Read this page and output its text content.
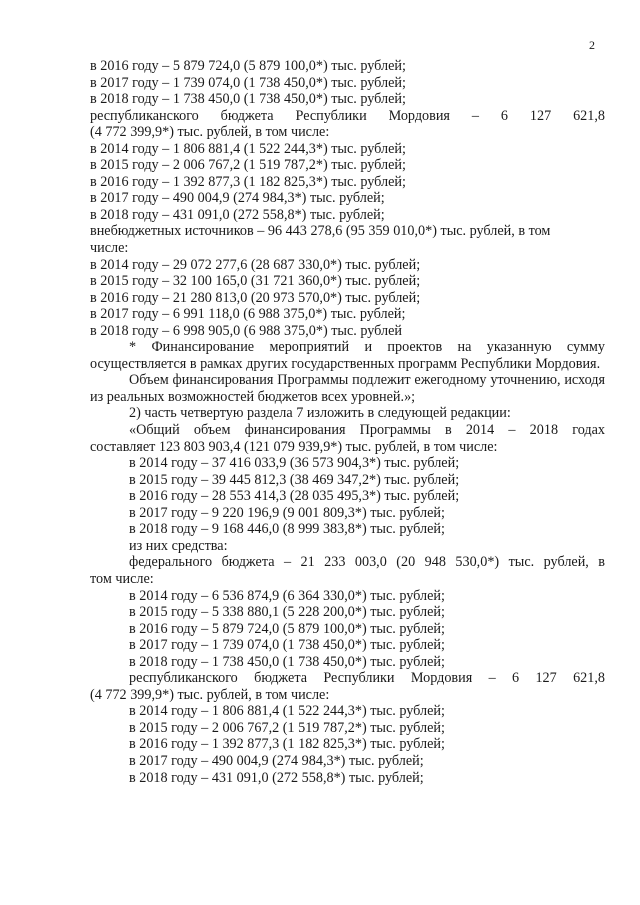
2
в 2016 году – 5 879 724,0 (5 879 100,0*) тыс. рублей;
в 2017 году – 1 739 074,0 (1 738 450,0*) тыс. рублей;
в 2018 году – 1 738 450,0 (1 738 450,0*) тыс. рублей;
республиканского бюджета Республики Мордовия – 6 127 621,8
(4 772 399,9*) тыс. рублей, в том числе:
в 2014 году – 1 806 881,4 (1 522 244,3*) тыс. рублей;
в 2015 году – 2 006 767,2 (1 519 787,2*) тыс. рублей;
в 2016 году – 1 392 877,3 (1 182 825,3*) тыс. рублей;
в 2017 году – 490 004,9 (274 984,3*) тыс. рублей;
в 2018 году – 431 091,0 (272 558,8*) тыс. рублей;
внебюджетных источников – 96 443 278,6 (95 359 010,0*) тыс. рублей, в том
числе:
в 2014 году – 29 072 277,6 (28 687 330,0*) тыс. рублей;
в 2015 году – 32 100 165,0 (31 721 360,0*) тыс. рублей;
в 2016 году – 21 280 813,0 (20 973 570,0*) тыс. рублей;
в 2017 году – 6 991 118,0 (6 988 375,0*) тыс. рублей;
в 2018 году – 6 998 905,0 (6 988 375,0*) тыс. рублей
* Финансирование мероприятий и проектов на указанную сумму осуществляется в рамках других государственных программ Республики Мордовия.
Объем финансирования Программы подлежит ежегодному уточнению, исходя из реальных возможностей бюджетов всех уровней.»;
2) часть четвертую раздела 7 изложить в следующей редакции:
«Общий объем финансирования Программы в 2014 – 2018 годах
составляет 123 803 903,4 (121 079 939,9*) тыс. рублей, в том числе:
в 2014 году – 37 416 033,9 (36 573 904,3*) тыс. рублей;
в 2015 году – 39 445 812,3 (38 469 347,2*) тыс. рублей;
в 2016 году – 28 553 414,3 (28 035 495,3*) тыс. рублей;
в 2017 году – 9 220 196,9 (9 001 809,3*) тыс. рублей;
в 2018 году – 9 168 446,0 (8 999 383,8*) тыс. рублей;
из них средства:
федерального бюджета – 21 233 003,0 (20 948 530,0*) тыс. рублей, в
том числе:
в 2014 году – 6 536 874,9 (6 364 330,0*) тыс. рублей;
в 2015 году – 5 338 880,1 (5 228 200,0*) тыс. рублей;
в 2016 году – 5 879 724,0 (5 879 100,0*) тыс. рублей;
в 2017 году – 1 739 074,0 (1 738 450,0*) тыс. рублей;
в 2018 году – 1 738 450,0 (1 738 450,0*) тыс. рублей;
республиканского бюджета Республики Мордовия – 6 127 621,8
(4 772 399,9*) тыс. рублей, в том числе:
в 2014 году – 1 806 881,4 (1 522 244,3*) тыс. рублей;
в 2015 году – 2 006 767,2 (1 519 787,2*) тыс. рублей;
в 2016 году – 1 392 877,3 (1 182 825,3*) тыс. рублей;
в 2017 году – 490 004,9 (274 984,3*) тыс. рублей;
в 2018 году – 431 091,0 (272 558,8*) тыс. рублей;
